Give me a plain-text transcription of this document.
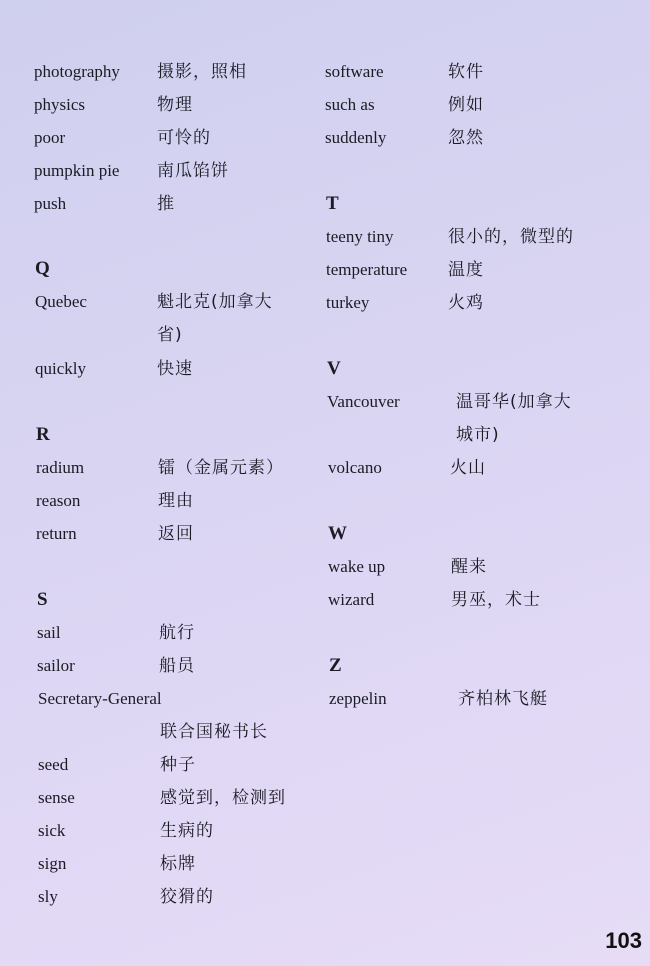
photography 摄影，照相
physics	物理
poor	可怜的
pumpkin pie 南瓜馅饼
push	推
Q
Quebec	魁北克(加拿大
省)
quickly	快速
R
radium	镭（金属元素）
reason	理由
return	返回
S
sail	航行
sailor	船员
Secretary-General
联合国秘书长
seed	种子
sense	感觉到，检测到
sick	生病的
sign	标牌
sly	狡猾的
software	软件
such as	例如
suddenly	忽然
T
teeny tiny	很小的，微型的
temperature 温度
turkey	火鸡
V
Vancouver	温哥华(加拿大
城市)
volcano	火山
W
wake up	醒来
wizard	男巫，术士
Z
zeppelin	齐柏林飞艇
103
